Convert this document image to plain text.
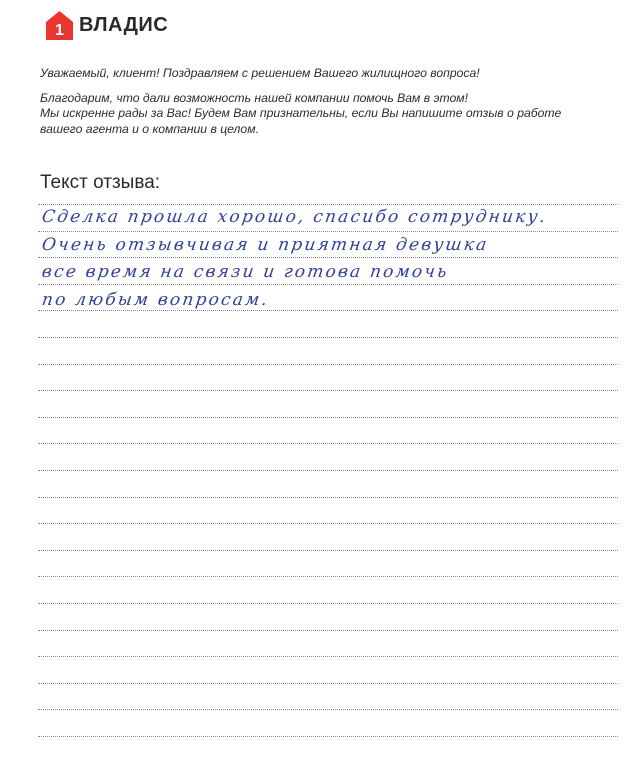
1 ВЛАДИС

Уважаемый, клиент! Поздравляем с решением Вашего жилищного вопроса!

Благодарим, что дали возможность нашей компании помочь Вам в этом!

Мы искренне рады за Вас! Будем Вам признательны, если Вы напишите отзыв о работе

вашего агента и о компании в целом.

Текст отзыва:
Сделка прошла хорошо, спасибо сотруднику.
Очень отзывчивая и приятная девушка
все время на связи и готова помочь
по любым вопросам.
